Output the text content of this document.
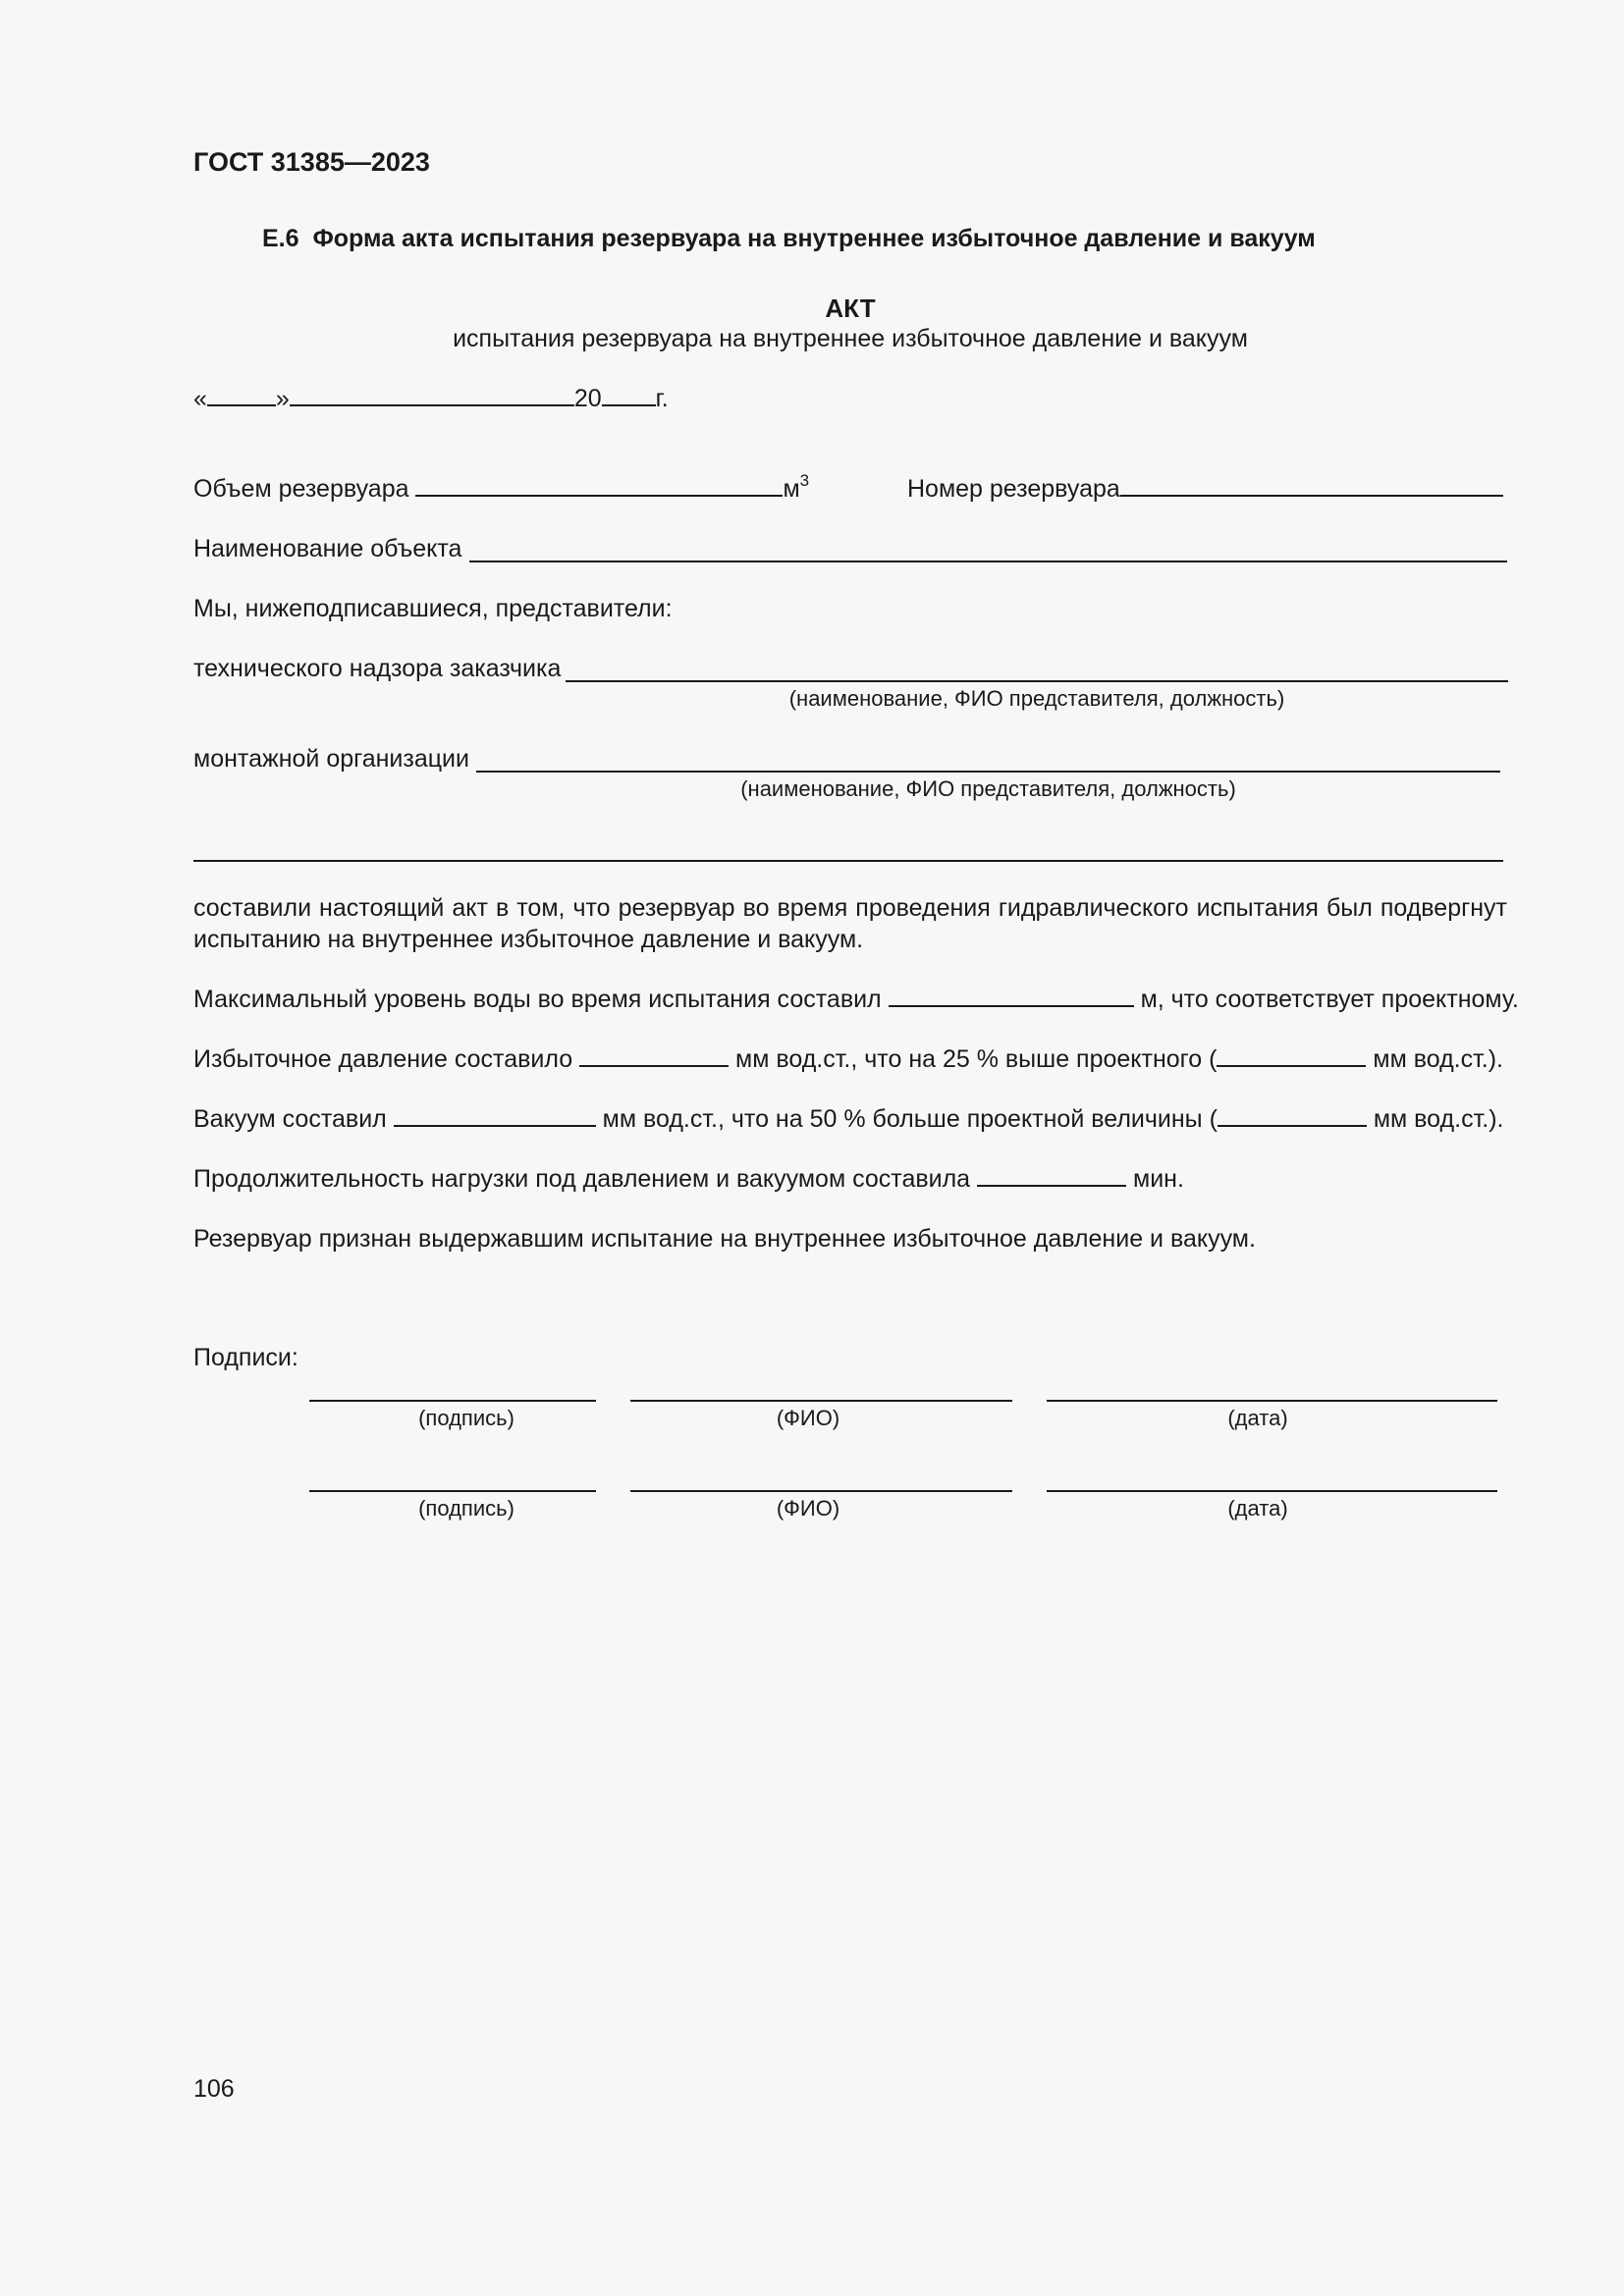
ГОСТ 31385—2023
Е.6 Форма акта испытания резервуара на внутреннее избыточное давление и вакуум
АКТ
испытания резервуара на внутреннее избыточное давление и вакуум
«	»	20 г.
Объем резервуара	$м^3$	Номер резервуара
Наименование объекта
Мы, нижеподписавшиеся, представители:
технического надзора заказчика
(наименование, ФИО представителя, должность)
монтажной организации
(наименование, ФИО представителя, должность)
составили настоящий акт в том, что резервуар во время проведения гидравлического испытания был подвергнут испытанию на внутреннее избыточное давление и вакуум.
Максимальный уровень воды во время испытания составил	м, что соответствует проектному.
Избыточное давление составило	мм вод.ст., что на 25 % выше проектного (	мм вод.ст.).
Вакуум составил	мм вод.ст., что на 50 % больше проектной величины (	мм вод.ст.).
Продолжительность нагрузки под давлением и вакуумом составила	мин.
Резервуар признан выдержавшим испытание на внутреннее избыточное давление и вакуум.
Подписи:
(подпись)	(ФИО)	(дата)
(подпись)	(ФИО)	(дата)
106
